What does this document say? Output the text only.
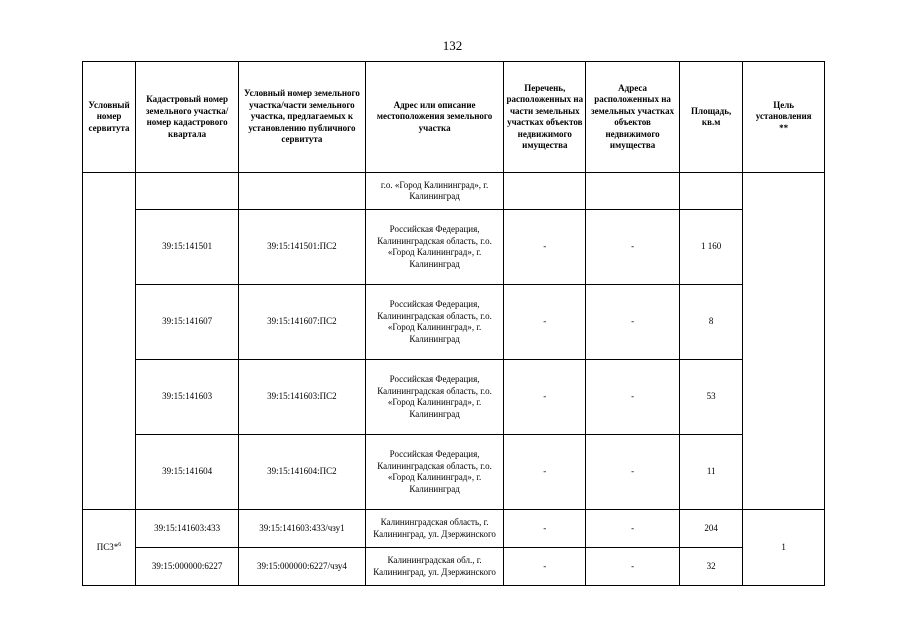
132
Условный номер сервитута	Кадастровый номер земельного участка/номер кадастрового квартала	Условный номер земельного участка/части земельного участка, предлагаемых к установлению публичного сервитута	Адрес или описание местоположения земельного участка	Перечень, расположенных на части земельных участках объектов недвижимого имущества	Адреса расположенных на земельных участках объектов недвижимого имущества	Площадь, кв.м	Цель установления
**
			г.о. «Город Калининград», г. Калининград				
	39:15:141501	39:15:141501:ПС2	Российская Федерация, Калининградская область, г.о. «Город Калининград», г. Калининград	-	-	1 160	
	39:15:141607	39:15:141607:ПС2	Российская Федерация, Калининградская область, г.о. «Город Калининград», г. Калининград	-	-	8	
	39:15:141603	39:15:141603:ПС2	Российская Федерация, Калининградская область, г.о. «Город Калининград», г. Калининград	-	-	53	
	39:15:141604	39:15:141604:ПС2	Российская Федерация, Калининградская область, г.о. «Город Калининград», г. Калининград	-	-	11	
ПС3*$^6$	39:15:141603:433	39:15:141603:433/чзу1	Калининградская область, г. Калининград, ул. Дзержинского	-	-	204	1
	39:15:000000:6227	39:15:000000:6227/чзу4	Калининградская обл., г. Калининград, ул. Дзержинского	-	-	32	
